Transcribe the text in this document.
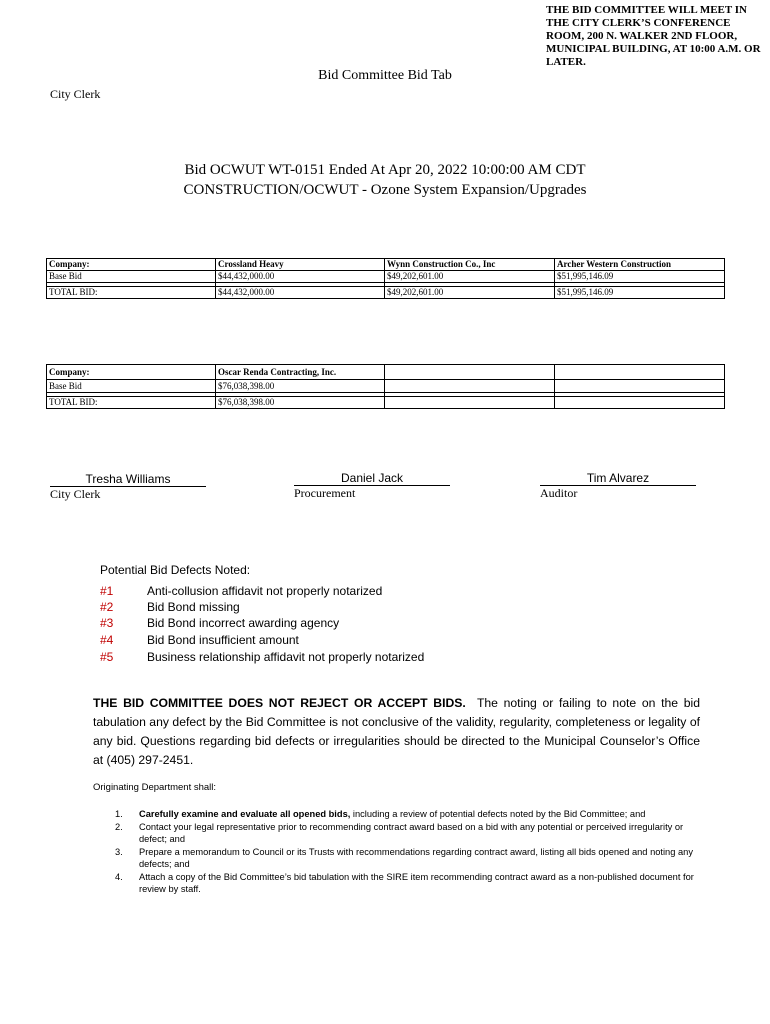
THE BID COMMITTEE WILL MEET IN THE CITY CLERK’S CONFERENCE ROOM, 200 N. WALKER 2ND FLOOR, MUNICIPAL BUILDING, AT 10:00 A.M. OR LATER.
Bid Committee Bid Tab
City Clerk
Bid OCWUT WT-0151 Ended At Apr 20, 2022 10:00:00 AM CDT
CONSTRUCTION/OCWUT - Ozone System Expansion/Upgrades
Company:	Crossland Heavy	Wynn Construction Co., Inc	Archer Western Construction
Base Bid	$44,432,000.00	$49,202,601.00	$51,995,146.09

TOTAL BID:	$44,432,000.00	$49,202,601.00	$51,995,146.09
Company:	Oscar Renda Contracting, Inc.		
Base Bid	$76,038,398.00		

TOTAL BID:	$76,038,398.00		
Tresha Williams
City Clerk
Daniel Jack
Procurement
Tim Alvarez
Auditor
Potential Bid Defects Noted:
#1	Anti-collusion affidavit not properly notarized
#2	Bid Bond missing
#3	Bid Bond incorrect awarding agency
#4	Bid Bond insufficient amount
#5	Business relationship affidavit not properly notarized
THE BID COMMITTEE DOES NOT REJECT OR ACCEPT BIDS. The noting or failing to note on the bid tabulation any defect by the Bid Committee is not conclusive of the validity, regularity, completeness or legality of any bid. Questions regarding bid defects or irregularities should be directed to the Municipal Counselor’s Office at (405) 297-2451.
Originating Department shall:
1.	Carefully examine and evaluate all opened bids, including a review of potential defects noted by the Bid Committee; and
2.	Contact your legal representative prior to recommending contract award based on a bid with any potential or perceived irregularity or defect; and
3.	Prepare a memorandum to Council or its Trusts with recommendations regarding contract award, listing all bids opened and noting any defects; and
4.	Attach a copy of the Bid Committee’s bid tabulation with the SIRE item recommending contract award as a non-published document for review by staff.
